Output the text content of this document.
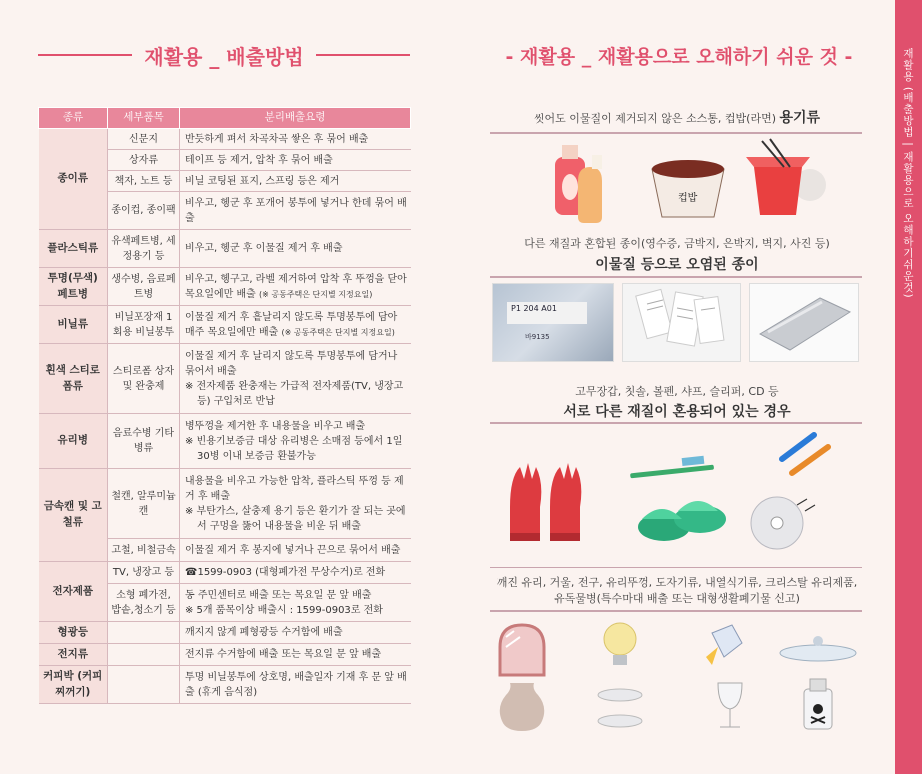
재활용 _ 배출방법	- 재활용 _ 재활용으로 오해하기 쉬운 것 -
종류	세부품목	분리배출요령
종이류	신문지	반듯하게 펴서 차곡차곡 쌓은 후 묶어 배출
	상자류	테이프 등 제거, 압착 후 묶어 배출
	책자, 노트 등	비닐 코팅된 표지, 스프링 등은 제거
	종이컵, 종이팩	비우고, 헹군 후 포개어 봉투에 넣거나 한데 묶어 배출
플라스틱류	유색페트병, 세정용기 등	비우고, 헹군 후 이물질 제거 후 배출
투명(무색) 페트병	생수병, 음료페트병	비우고, 헹구고, 라벨 제거하여 압착 후 뚜껑을 닫아 목요일에만 배출 (※ 공동주택은 단지별 지정요일)
비닐류	비닐포장재 1회용 비닐봉투	이물질 제거 후 흩날리지 않도록 투명봉투에 담아 매주 목요일에만 배출 (※ 공동주택은 단지별 지정요일)
흰색 스티로폼류	스티로폼 상자 및 완충제	이물질 제거 후 날리지 않도록 투명봉투에 담거나 묶어서 배출
※ 전자제품 완충재는 가급적 전자제품(TV, 냉장고 등) 구입처로 반납

유리병	음료수병 기타병류	병뚜껑을 제거한 후 내용물을 비우고 배출
※ 빈용기보증금 대상 유리병은 소매점 등에서 1일 30병 이내 보증금 환불가능

금속캔 및 고철류	철캔, 알루미늄캔	내용물을 비우고 가능한 압착, 플라스틱 뚜껑 등 제거 후 배출
※ 부탄가스, 살충제 용기 등은 환기가 잘 되는 곳에서 구멍을 뚫어 내용물을 비운 뒤 배출

	고철, 비철금속	이물질 제거 후 봉지에 넣거나 끈으로 묶어서 배출
전자제품	TV, 냉장고 등	☎1599-0903 (대형폐가전 무상수거)로 전화
	소형 폐가전, 밥솥,청소기 등	동 주민센터로 배출 또는 목요일 문 앞 배출
※ 5개 품목이상 배출시 : 1599-0903로 전화
형광등		깨지지 않게 폐형광등 수거함에 배출
전지류		전지류 수거함에 배출 또는 목요일 문 앞 배출
커피박 (커피찌꺼기)		투명 비닐봉투에 상호명, 배출일자 기재 후 문 앞 배출 (휴게 음식점)
씻어도 이물질이 제거되지 않은 소스통, 컵밥(라면) 용기류
컵밥
다른 재질과 혼합된 종이(영수증, 금박지, 은박지, 벽지, 사진 등)
이물질 등으로 오염된 종이
P1 204 A01
바9135
고무장갑, 칫솔, 볼펜, 샤프, 슬리퍼, CD 등
서로 다른 재질이 혼용되어 있는 경우
깨진 유리, 거울, 전구, 유리뚜껑, 도자기류, 내열식기류, 크리스탈 유리제품,
유독물병(특수마대 배출 또는 대형생활폐기물 신고)
재활용 (배출방법 | 재활용으로 오해하기쉬운것)
